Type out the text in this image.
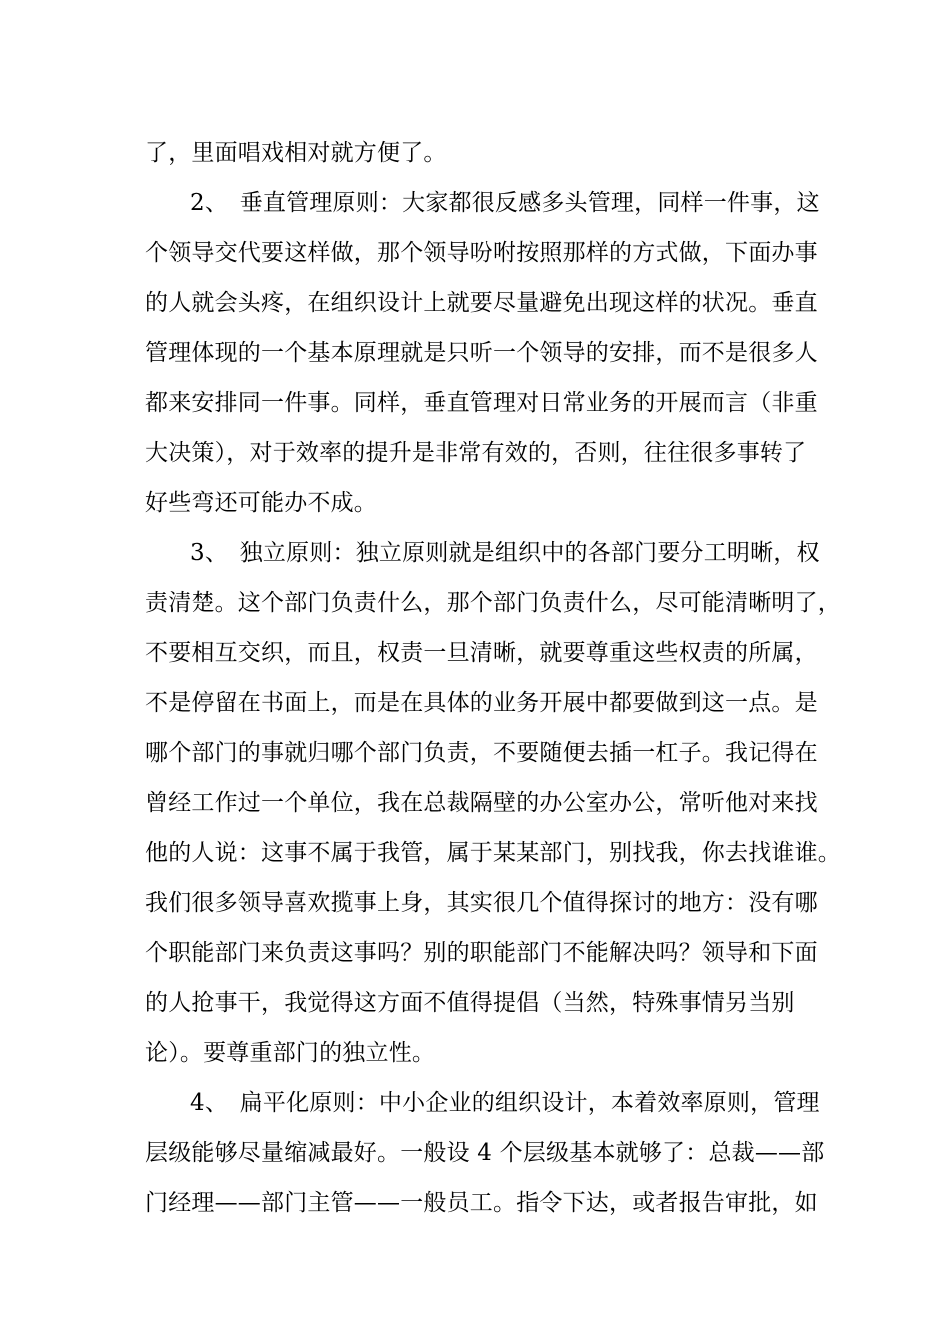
了，里面唱戏相对就方便了。
2、　垂直管理原则：大家都很反感多头管理，同样一件事，这
个领导交代要这样做，那个领导吩咐按照那样的方式做，下面办事
的人就会头疼，在组织设计上就要尽量避免出现这样的状况。垂直
管理体现的一个基本原理就是只听一个领导的安排，而不是很多人
都来安排同一件事。同样，垂直管理对日常业务的开展而言（非重
大决策），对于效率的提升是非常有效的，否则，往往很多事转了
好些弯还可能办不成。
3、　独立原则：独立原则就是组织中的各部门要分工明晰，权
责清楚。这个部门负责什么，那个部门负责什么，尽可能清晰明了，
不要相互交织，而且，权责一旦清晰，就要尊重这些权责的所属，
不是停留在书面上，而是在具体的业务开展中都要做到这一点。是
哪个部门的事就归哪个部门负责，不要随便去插一杠子。我记得在
曾经工作过一个单位，我在总裁隔壁的办公室办公，常听他对来找
他的人说：这事不属于我管，属于某某部门，别找我，你去找谁谁。
我们很多领导喜欢揽事上身，其实很几个值得探讨的地方：没有哪
个职能部门来负责这事吗？别的职能部门不能解决吗？领导和下面
的人抢事干，我觉得这方面不值得提倡（当然，特殊事情另当别
论）。要尊重部门的独立性。
4、　扁平化原则：中小企业的组织设计，本着效率原则，管理
层级能够尽量缩减最好。一般设 4 个层级基本就够了：总裁——部
门经理——部门主管——一般员工。指令下达，或者报告审批，如
